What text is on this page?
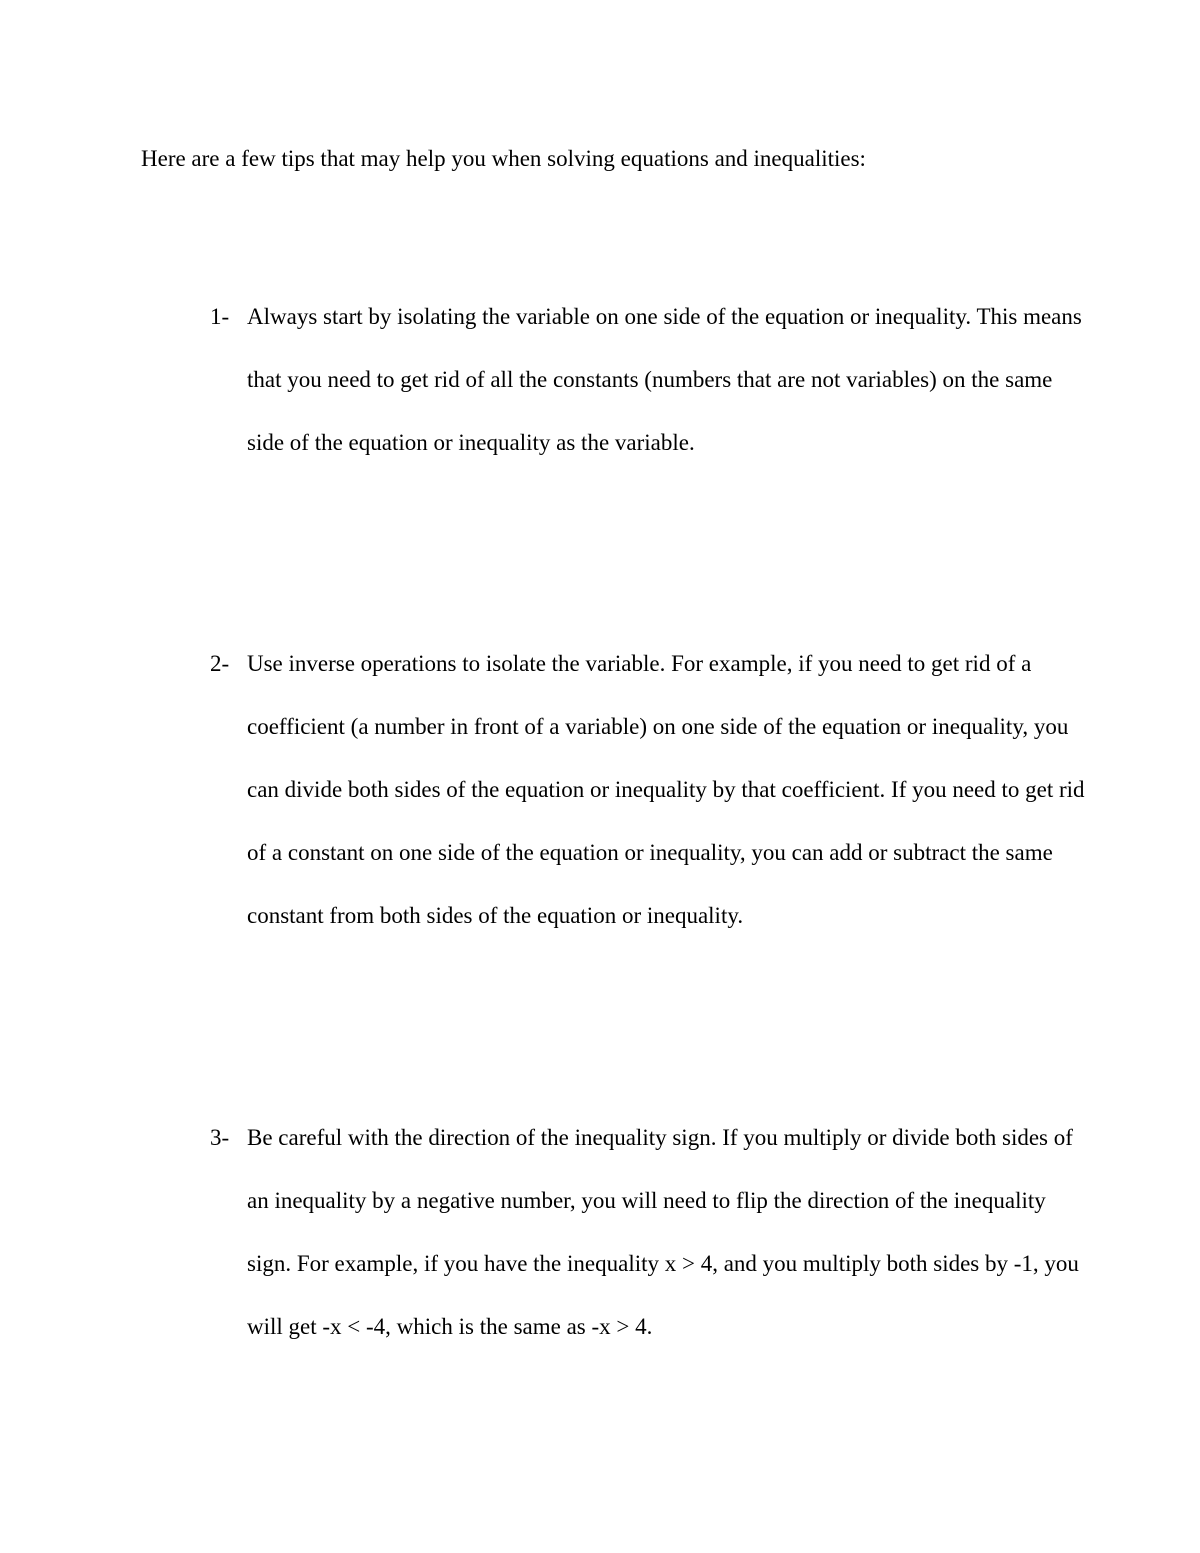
Here are a few tips that may help you when solving equations and inequalities:

1- Always start by isolating the variable on one side of the equation or inequality. This means that you need to get rid of all the constants (numbers that are not variables) on the same side of the equation or inequality as the variable.
2- Use inverse operations to isolate the variable. For example, if you need to get rid of a coefficient (a number in front of a variable) on one side of the equation or inequality, you can divide both sides of the equation or inequality by that coefficient. If you need to get rid of a constant on one side of the equation or inequality, you can add or subtract the same constant from both sides of the equation or inequality.
3- Be careful with the direction of the inequality sign. If you multiply or divide both sides of an inequality by a negative number, you will need to flip the direction of the inequality sign. For example, if you have the inequality x > 4, and you multiply both sides by -1, you will get -x < -4, which is the same as -x > 4.
